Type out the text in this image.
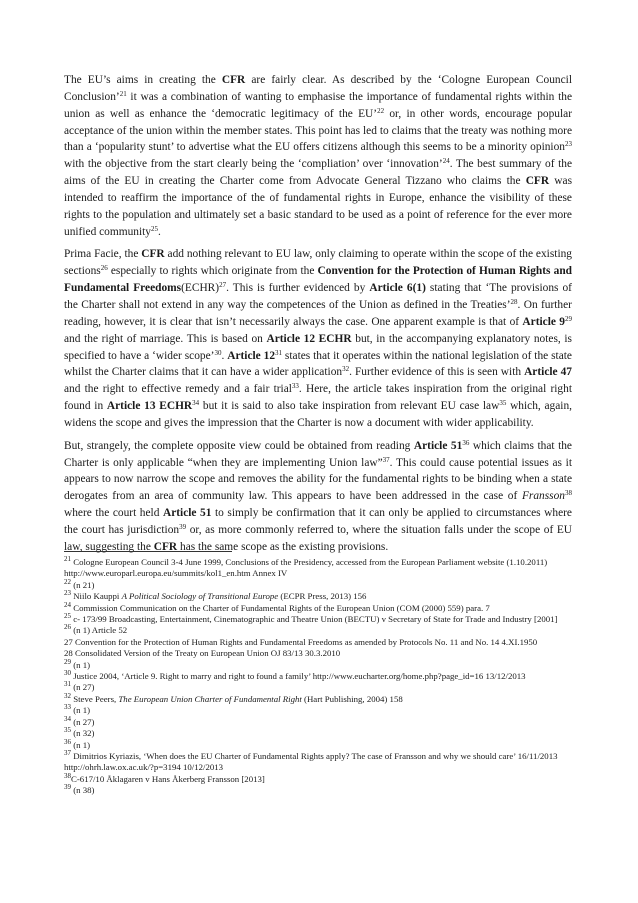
The EU’s aims in creating the CFR are fairly clear. As described by the ‘Cologne European Council Conclusion’$^{21}$ it was a combination of wanting to emphasise the importance of fundamental rights within the union as well as enhance the ‘democratic legitimacy of the EU’$^{22}$ or, in other words, encourage popular acceptance of the union within the member states. This point has led to claims that the treaty was nothing more than a ‘popularity stunt’ to advertise what the EU offers citizens although this seems to be a minority opinion$^{23}$ with the objective from the start clearly being the ‘compliation’ over ‘innovation’$^{24}$. The best summary of the aims of the EU in creating the Charter come from Advocate General Tizzano who claims the CFR was intended to reaffirm the importance of the of fundamental rights in Europe, enhance the visibility of these rights to the population and ultimately set a basic standard to be used as a point of reference for the ever more unified community$^{25}$.

Prima Facie, the CFR add nothing relevant to EU law, only claiming to operate within the scope of the existing sections$^{26}$ especially to rights which originate from the Convention for the Protection of Human Rights and Fundamental Freedoms(ECHR)$^{27}$. This is further evidenced by Article 6(1) stating that ‘The provisions of the Charter shall not extend in any way the competences of the Union as defined in the Treaties’$^{28}$. On further reading, however, it is clear that isn’t necessarily always the case. One apparent example is that of Article $9^{29}$ and the right of marriage. This is based on Article 12 ECHR but, in the accompanying explanatory notes, is specified to have a ‘wider scope’$^{30}$. Article $12^{31}$ states that it operates within the national legislation of the state whilst the Charter claims that it can have a wider application$^{32}$. Further evidence of this is seen with Article 47 and the right to effective remedy and a fair trial$^{33}$. Here, the article takes inspiration from the original right found in Article 13 ECHR$^{34}$ but it is said to also take inspiration from relevant EU case law$^{35}$ which, again, widens the scope and gives the impression that the Charter is now a document with wider applicability.

But, strangely, the complete opposite view could be obtained from reading Article $51^{36}$ which claims that the Charter is only applicable “when they are implementing Union law”$^{37}$. This could cause potential issues as it appears to now narrow the scope and removes the ability for the fundamental rights to be binding when a state derogates from an area of community law. This appears to have been addressed in the case of Fransson$^{38}$ where the court held Article 51 to simply be confirmation that it can only be applied to circumstances where the court has jurisdiction$^{39}$ or, as more commonly referred to, where the situation falls under the scope of EU law, suggesting the CFR has the same scope as the existing provisions.

$^{21}$ Cologne European Council 3-4 June 1999, Conclusions of the Presidency, accessed from the European Parliament website (1.10.2011) http://www.europarl.europa.eu/summits/kol1_en.htm Annex IV
$^{22}$ (n 21)
$^{23}$ Niilo Kauppi A Political Sociology of Transitional Europe (ECPR Press, 2013) 156
$^{24}$ Commission Communication on the Charter of Fundamental Rights of the European Union (COM (2000) 559) para. 7
$^{25}$ c- 173/99 Broadcasting, Entertainment, Cinematographic and Theatre Union (BECTU) v Secretary of State for Trade and Industry [2001]
$^{26}$ (n 1) Article 52
27 Convention for the Protection of Human Rights and Fundamental Freedoms as amended by Protocols No. 11 and No. 14 4.XI.1950
28 Consolidated Version of the Treaty on European Union OJ 83/13 30.3.2010
$^{29}$ (n 1)
$^{30}$ Justice 2004, ‘Article 9. Right to marry and right to found a family’ http://www.eucharter.org/home.php?page_id=16 13/12/2013
$^{31}$ (n 27)
$^{32}$ Steve Peers, The European Union Charter of Fundamental Right (Hart Publishing, 2004) 158
$^{33}$ (n 1)
$^{34}$ (n 27)
$^{35}$ (n 32)
$^{36}$ (n 1)
$^{37}$ Dimitrios Kyriazis, ‘When does the EU Charter of Fundamental Rights apply? The case of Fransson and why we should care’ 16/11/2013 http://ohrh.law.ox.ac.uk/?p=3194 10/12/2013
$^{38}$C-617/10 Åklagaren v Hans Åkerberg Fransson [2013]
$^{39}$ (n 38)
